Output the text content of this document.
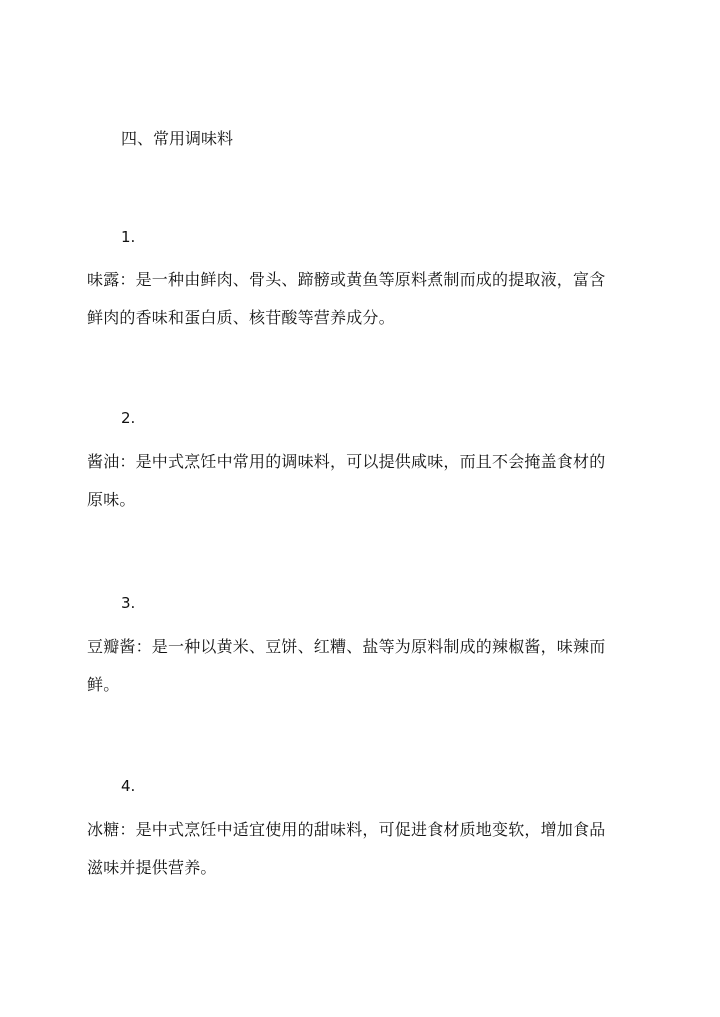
四、常用调味料
1.
味露：是一种由鲜肉、骨头、蹄髈或黄鱼等原料煮制而成的提取液，富含
鲜肉的香味和蛋白质、核苷酸等营养成分。
2.
酱油：是中式烹饪中常用的调味料，可以提供咸味，而且不会掩盖食材的
原味。
3.
豆瓣酱：是一种以黄米、豆饼、红糟、盐等为原料制成的辣椒酱，味辣而
鲜。
4.
冰糖：是中式烹饪中适宜使用的甜味料，可促进食材质地变软，增加食品
滋味并提供营养。
